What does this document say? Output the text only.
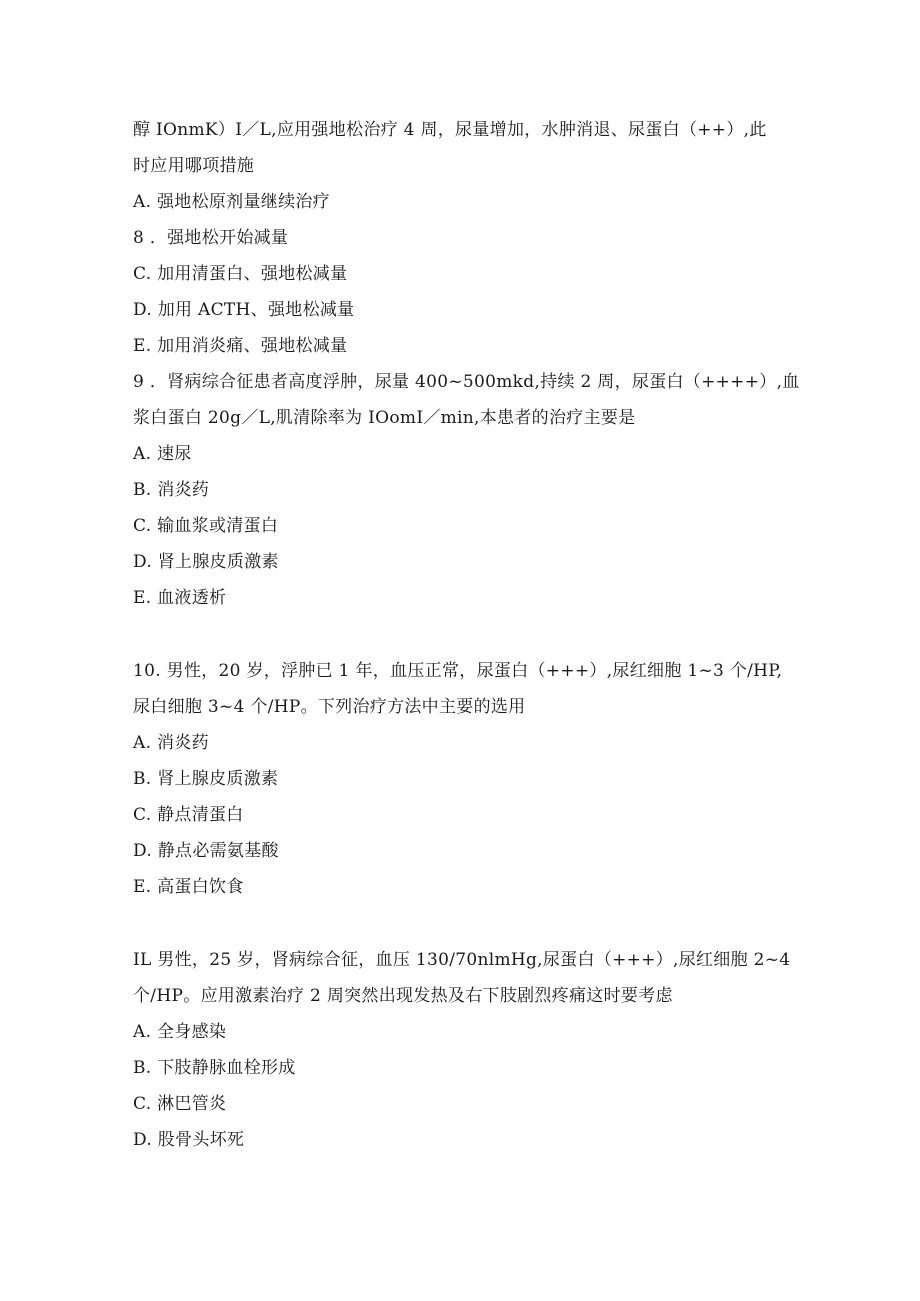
醇 IOnmK）I／L,应用强地松治疗 4 周，尿量增加，水肿消退、尿蛋白（++）,此
时应用哪项措施
A. 强地松原剂量继续治疗
8 ．强地松开始减量
C. 加用清蛋白、强地松减量
D. 加用 ACTH、强地松减量
E. 加用消炎痛、强地松减量
9 ．肾病综合征患者高度浮肿，尿量 400~500mkd,持续 2 周，尿蛋白（++++）,血
浆白蛋白 20g／L,肌清除率为 IOomI／min,本患者的治疗主要是
A. 速尿
B. 消炎药
C. 输血浆或清蛋白
D. 肾上腺皮质激素
E. 血液透析
10. 男性，20 岁，浮肿已 1 年，血压正常，尿蛋白（+++）,尿红细胞 1~3 个/HP,
尿白细胞 3~4 个/HP。下列治疗方法中主要的选用
A. 消炎药
B. 肾上腺皮质激素
C. 静点清蛋白
D. 静点必需氨基酸
E. 高蛋白饮食
IL 男性，25 岁，肾病综合征，血压 130/70nlmHg,尿蛋白（+++）,尿红细胞 2~4
个/HP。应用激素治疗 2 周突然出现发热及右下肢剧烈疼痛这时要考虑
A. 全身感染
B. 下肢静脉血栓形成
C. 淋巴管炎
D. 股骨头坏死
